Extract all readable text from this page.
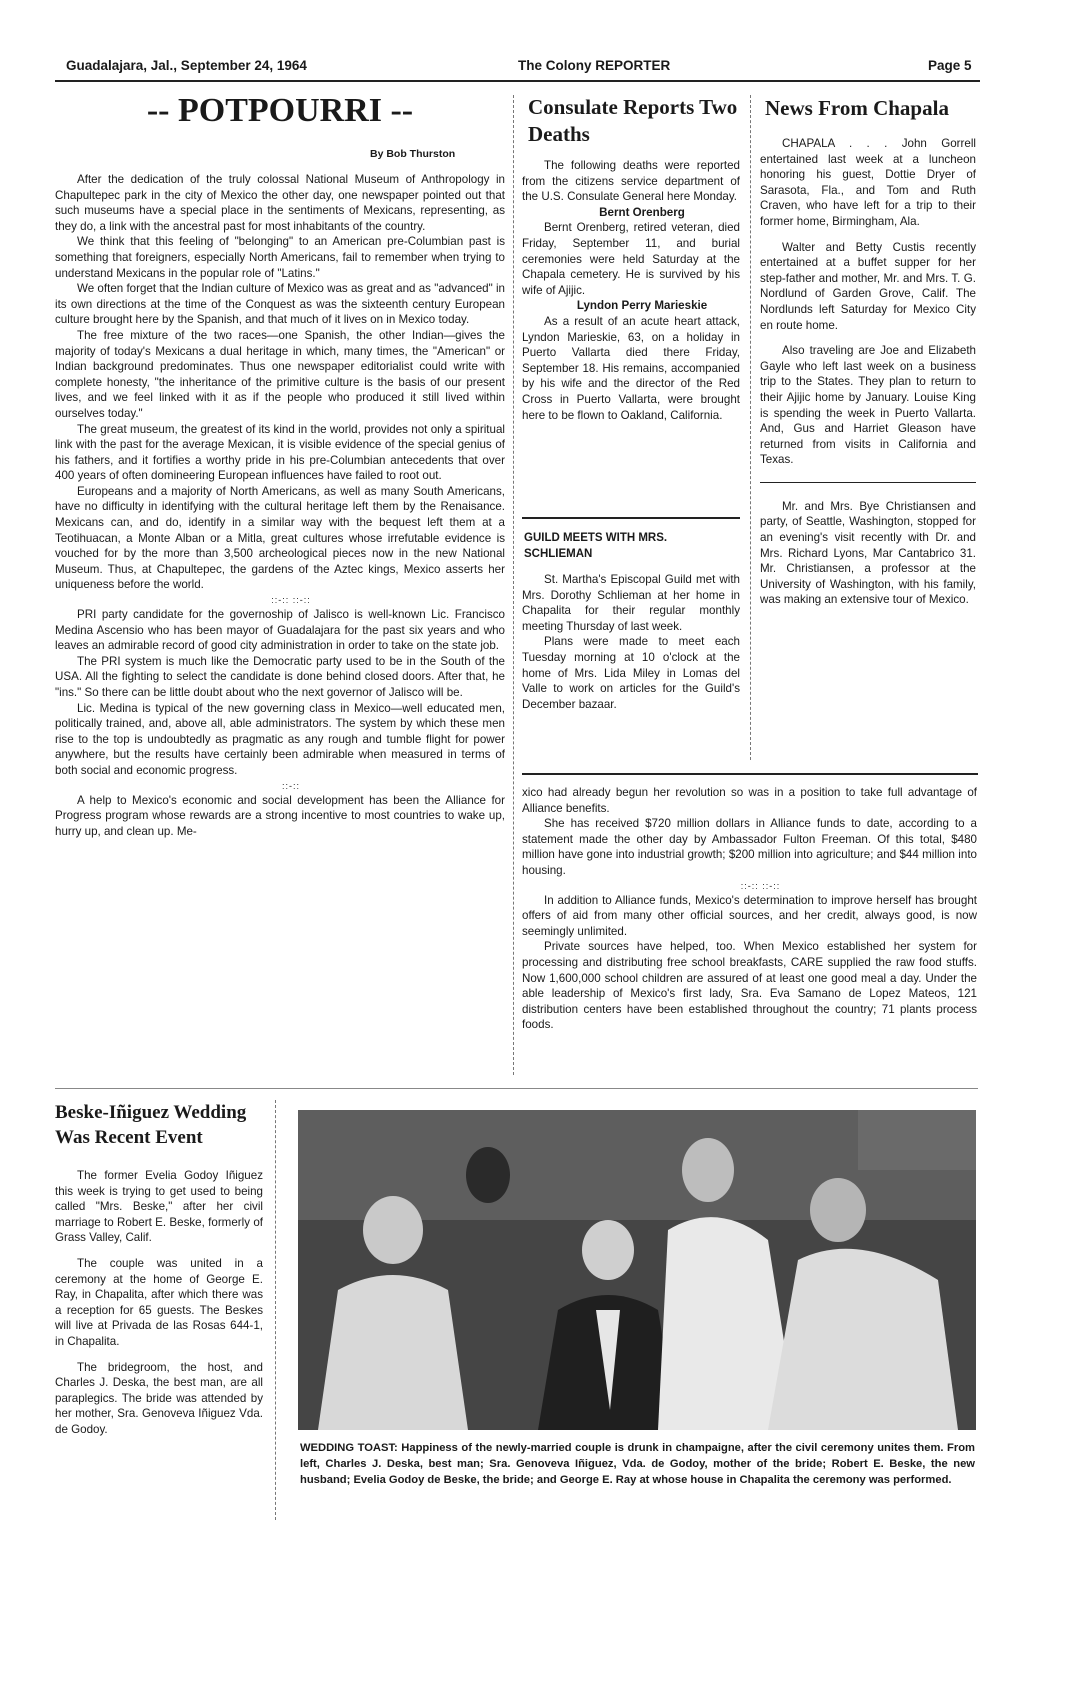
Guadalajara, Jal., September 24, 1964	The Colony REPORTER	Page 5
-- POTPOURRI --
By Bob Thurston

After the dedication of the truly colossal National Museum of Anthropology in Chapultepec park in the city of Mexico the other day, one newspaper pointed out that such museums have a special place in the sentiments of Mexicans, representing, as they do, a link with the ancestral past for most inhabitants of the country.

We think that this feeling of "belonging" to an American pre-Columbian past is something that foreigners, especially North Americans, fail to remember when trying to understand Mexicans in the popular role of "Latins."

We often forget that the Indian culture of Mexico was as great and as "advanced" in its own directions at the time of the Conquest as was the sixteenth century European culture brought here by the Spanish, and that much of it lives on in Mexico today.

The free mixture of the two races—one Spanish, the other Indian—gives the majority of today's Mexicans a dual heritage in which, many times, the "American" or Indian background predominates. Thus one newspaper editorialist could write with complete honesty, "the inheritance of the primitive culture is the basis of our present lives, and we feel linked with it as if the people who produced it still lived within ourselves today."

The great museum, the greatest of its kind in the world, provides not only a spiritual link with the past for the average Mexican, it is visible evidence of the special genius of his fathers, and it fortifies a worthy pride in his pre-Columbian antecedents that over 400 years of often domineering European influences have failed to root out.

Europeans and a majority of North Americans, as well as many South Americans, have no difficulty in identifying with the cultural heritage left them by the Renaisance. Mexicans can, and do, identify in a similar way with the bequest left them at a Teotihuacan, a Monte Alban or a Mitla, great cultures whose irrefutable evidence is vouched for by the more than 3,500 archeological pieces now in the new National Museum. Thus, at Chapultepec, the gardens of the Aztec kings, Mexico asserts her uniqueness before the world.

::-:: ::-::

PRI party candidate for the governoship of Jalisco is well-known Lic. Francisco Medina Ascensio who has been mayor of Guadalajara for the past six years and who leaves an admirable record of good city administration in order to take on the state job.

The PRI system is much like the Democratic party used to be in the South of the USA. All the fighting to select the candidate is done behind closed doors. After that, he "ins." So there can be little doubt about who the next governor of Jalisco will be.

Lic. Medina is typical of the new governing class in Mexico—well educated men, politically trained, and, above all, able administrators. The system by which these men rise to the top is undoubtedly as pragmatic as any rough and tumble flight for power anywhere, but the results have certainly been admirable when measured in terms of both social and economic progress.

::-::

A help to Mexico's economic and social development has been the Alliance for Progress program whose rewards are a strong incentive to most countries to wake up, hurry up, and clean up. Me-

Consulate Reports Two Deaths

The following deaths were reported from the citizens service department of the U.S. Consulate General here Monday.

Bernt Orenberg

Bernt Orenberg, retired veteran, died Friday, September 11, and burial ceremonies were held Saturday at the Chapala cemetery. He is survived by his wife of Ajijic.

Lyndon Perry Marieskie

As a result of an acute heart attack, Lyndon Marieskie, 63, on a holiday in Puerto Vallarta died there Friday, September 18. His remains, accompanied by his wife and the director of the Red Cross in Puerto Vallarta, were brought here to be flown to Oakland, California.

GUILD MEETS WITH MRS. SCHLIEMAN

St. Martha's Episcopal Guild met with Mrs. Dorothy Schlieman at her home in Chapalita for their regular monthly meeting Thursday of last week.

Plans were made to meet each Tuesday morning at 10 o'clock at the home of Mrs. Lida Miley in Lomas del Valle to work on articles for the Guild's December bazaar.

News From Chapala

CHAPALA . . . John Gorrell entertained last week at a luncheon honoring his guest, Dottie Dryer of Sarasota, Fla., and Tom and Ruth Craven, who have left for a trip to their former home, Birmingham, Ala.

Walter and Betty Custis recently entertained at a buffet supper for her step-father and mother, Mr. and Mrs. T. G. Nordlund of Garden Grove, Calif. The Nordlunds left Saturday for Mexico City en route home.

Also traveling are Joe and Elizabeth Gayle who left last week on a business trip to the States. They plan to return to their Ajijic home by January. Louise King is spending the week in Puerto Vallarta. And, Gus and Harriet Gleason have returned from visits in California and Texas.

Mr. and Mrs. Bye Christiansen and party, of Seattle, Washington, stopped for an evening's visit recently with Dr. and Mrs. Richard Lyons, Mar Cantabrico 31. Mr. Christiansen, a professor at the University of Washington, with his family, was making an extensive tour of Mexico.

xico had already begun her revolution so was in a position to take full advantage of Alliance benefits.

She has received $720 million dollars in Alliance funds to date, according to a statement made the other day by Ambassador Fulton Freeman. Of this total, $480 million have gone into industrial growth; $200 million into agriculture; and $44 million into housing.

::-:: ::-::

In addition to Alliance funds, Mexico's determination to improve herself has brought offers of aid from many other official sources, and her credit, always good, is now seemingly unlimited.

Private sources have helped, too. When Mexico established her system for processing and distributing free school breakfasts, CARE supplied the raw food stuffs. Now 1,600,000 school children are assured of at least one good meal a day. Under the able leadership of Mexico's first lady, Sra. Eva Samano de Lopez Mateos, 121 distribution centers have been established throughout the country; 71 plants process foods.

Beske-Iñiguez Wedding Was Recent Event

The former Evelia Godoy Iñiguez this week is trying to get used to being called "Mrs. Beske," after her civil marriage to Robert E. Beske, formerly of Grass Valley, Calif.

The couple was united in a ceremony at the home of George E. Ray, in Chapalita, after which there was a reception for 65 guests. The Beskes will live at Privada de las Rosas 644-1, in Chapalita.

The bridegroom, the host, and Charles J. Deska, the best man, are all paraplegics. The bride was attended by her mother, Sra. Genoveva Iñiguez Vda. de Godoy.

WEDDING TOAST: Happiness of the newly-married couple is drunk in champaigne, after the civil ceremony unites them. From left, Charles J. Deska, best man; Sra. Genoveva Iñiguez, Vda. de Godoy, mother of the bride; Robert E. Beske, the new husband; Evelia Godoy de Beske, the bride; and George E. Ray at whose house in Chapalita the ceremony was performed.
